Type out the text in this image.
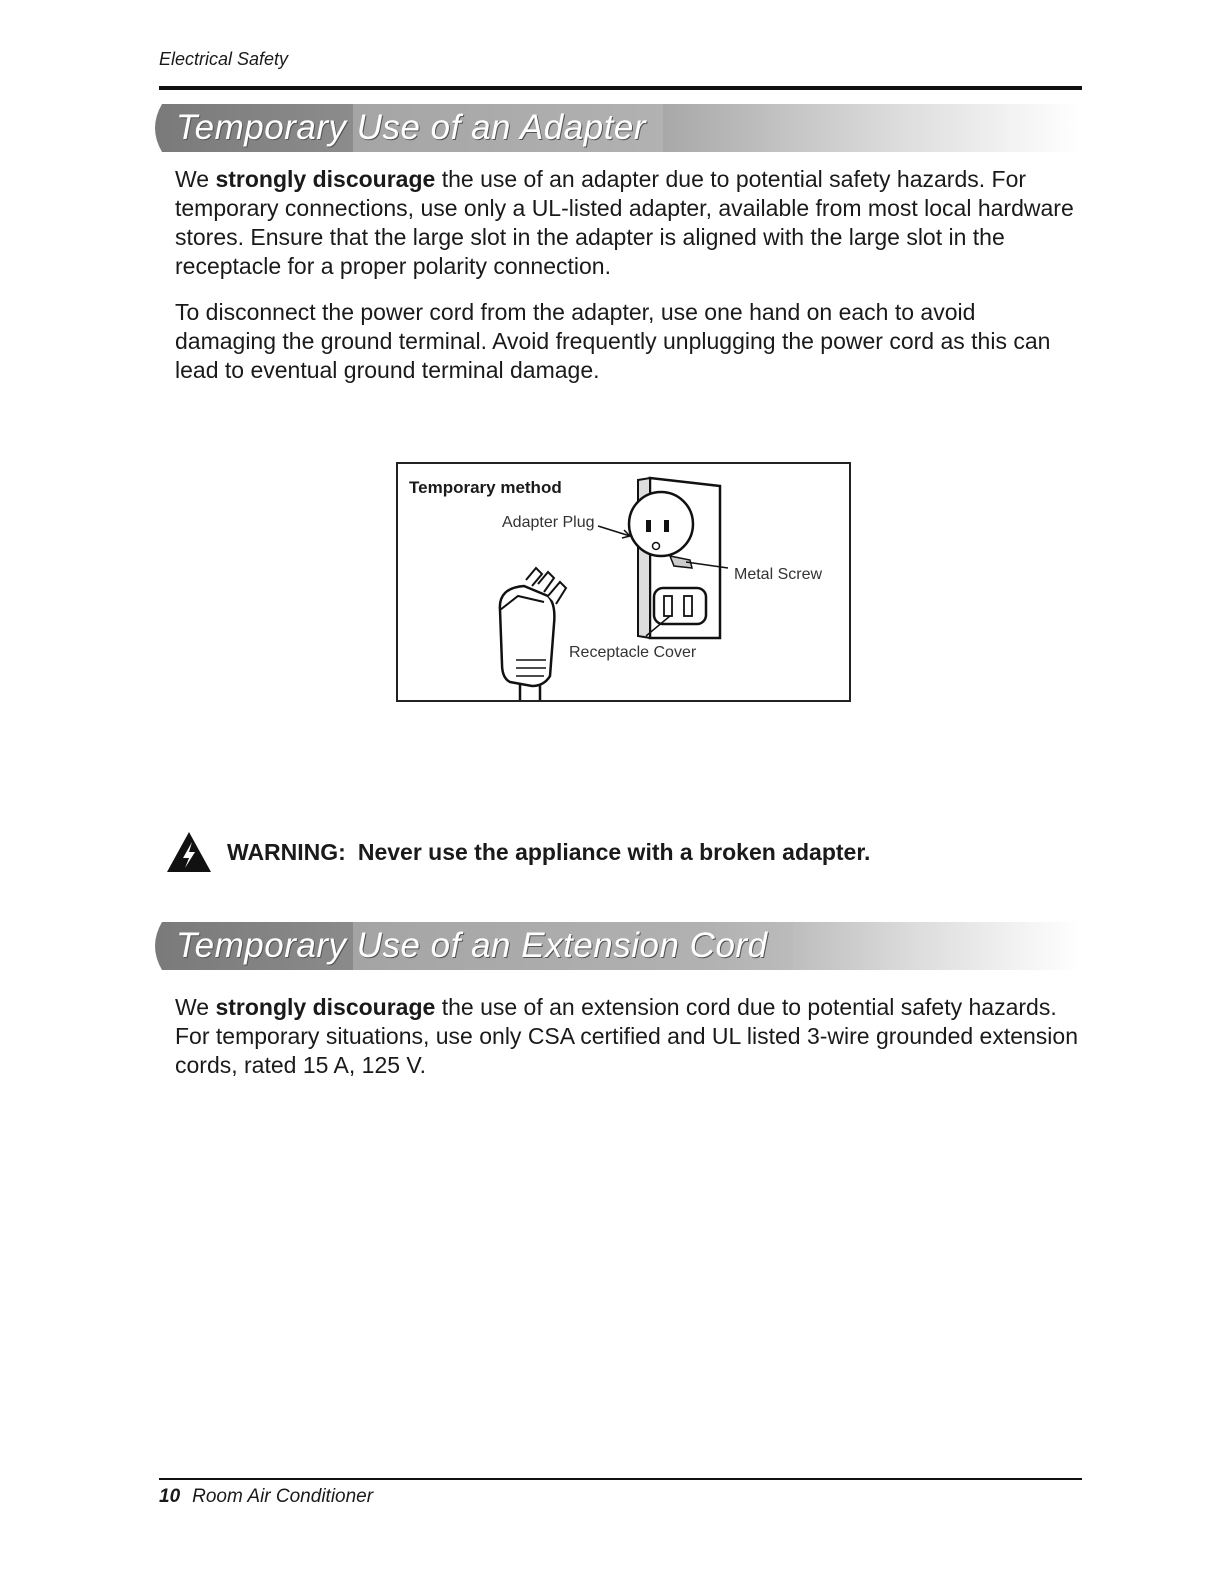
Electrical Safety
Temporary Use of an Adapter

We strongly discourage the use of an adapter due to potential safety hazards. For temporary connections, use only a UL-listed adapter, available from most local hardware stores. Ensure that the large slot in the adapter is aligned with the large slot in the receptacle for a proper polarity connection.

To disconnect the power cord from the adapter, use one hand on each to avoid damaging the ground terminal. Avoid frequently unplugging the power cord as this can lead to eventual ground terminal damage.

Temporary method
Adapter Plug
Metal Screw
Receptacle Cover
WARNING: Never use the appliance with a broken adapter.
Temporary Use of an Extension Cord

We strongly discourage the use of an extension cord due to potential safety hazards. For temporary situations, use only CSA certified and UL listed 3-wire grounded extension cords, rated 15 A, 125 V.

10 Room Air Conditioner
